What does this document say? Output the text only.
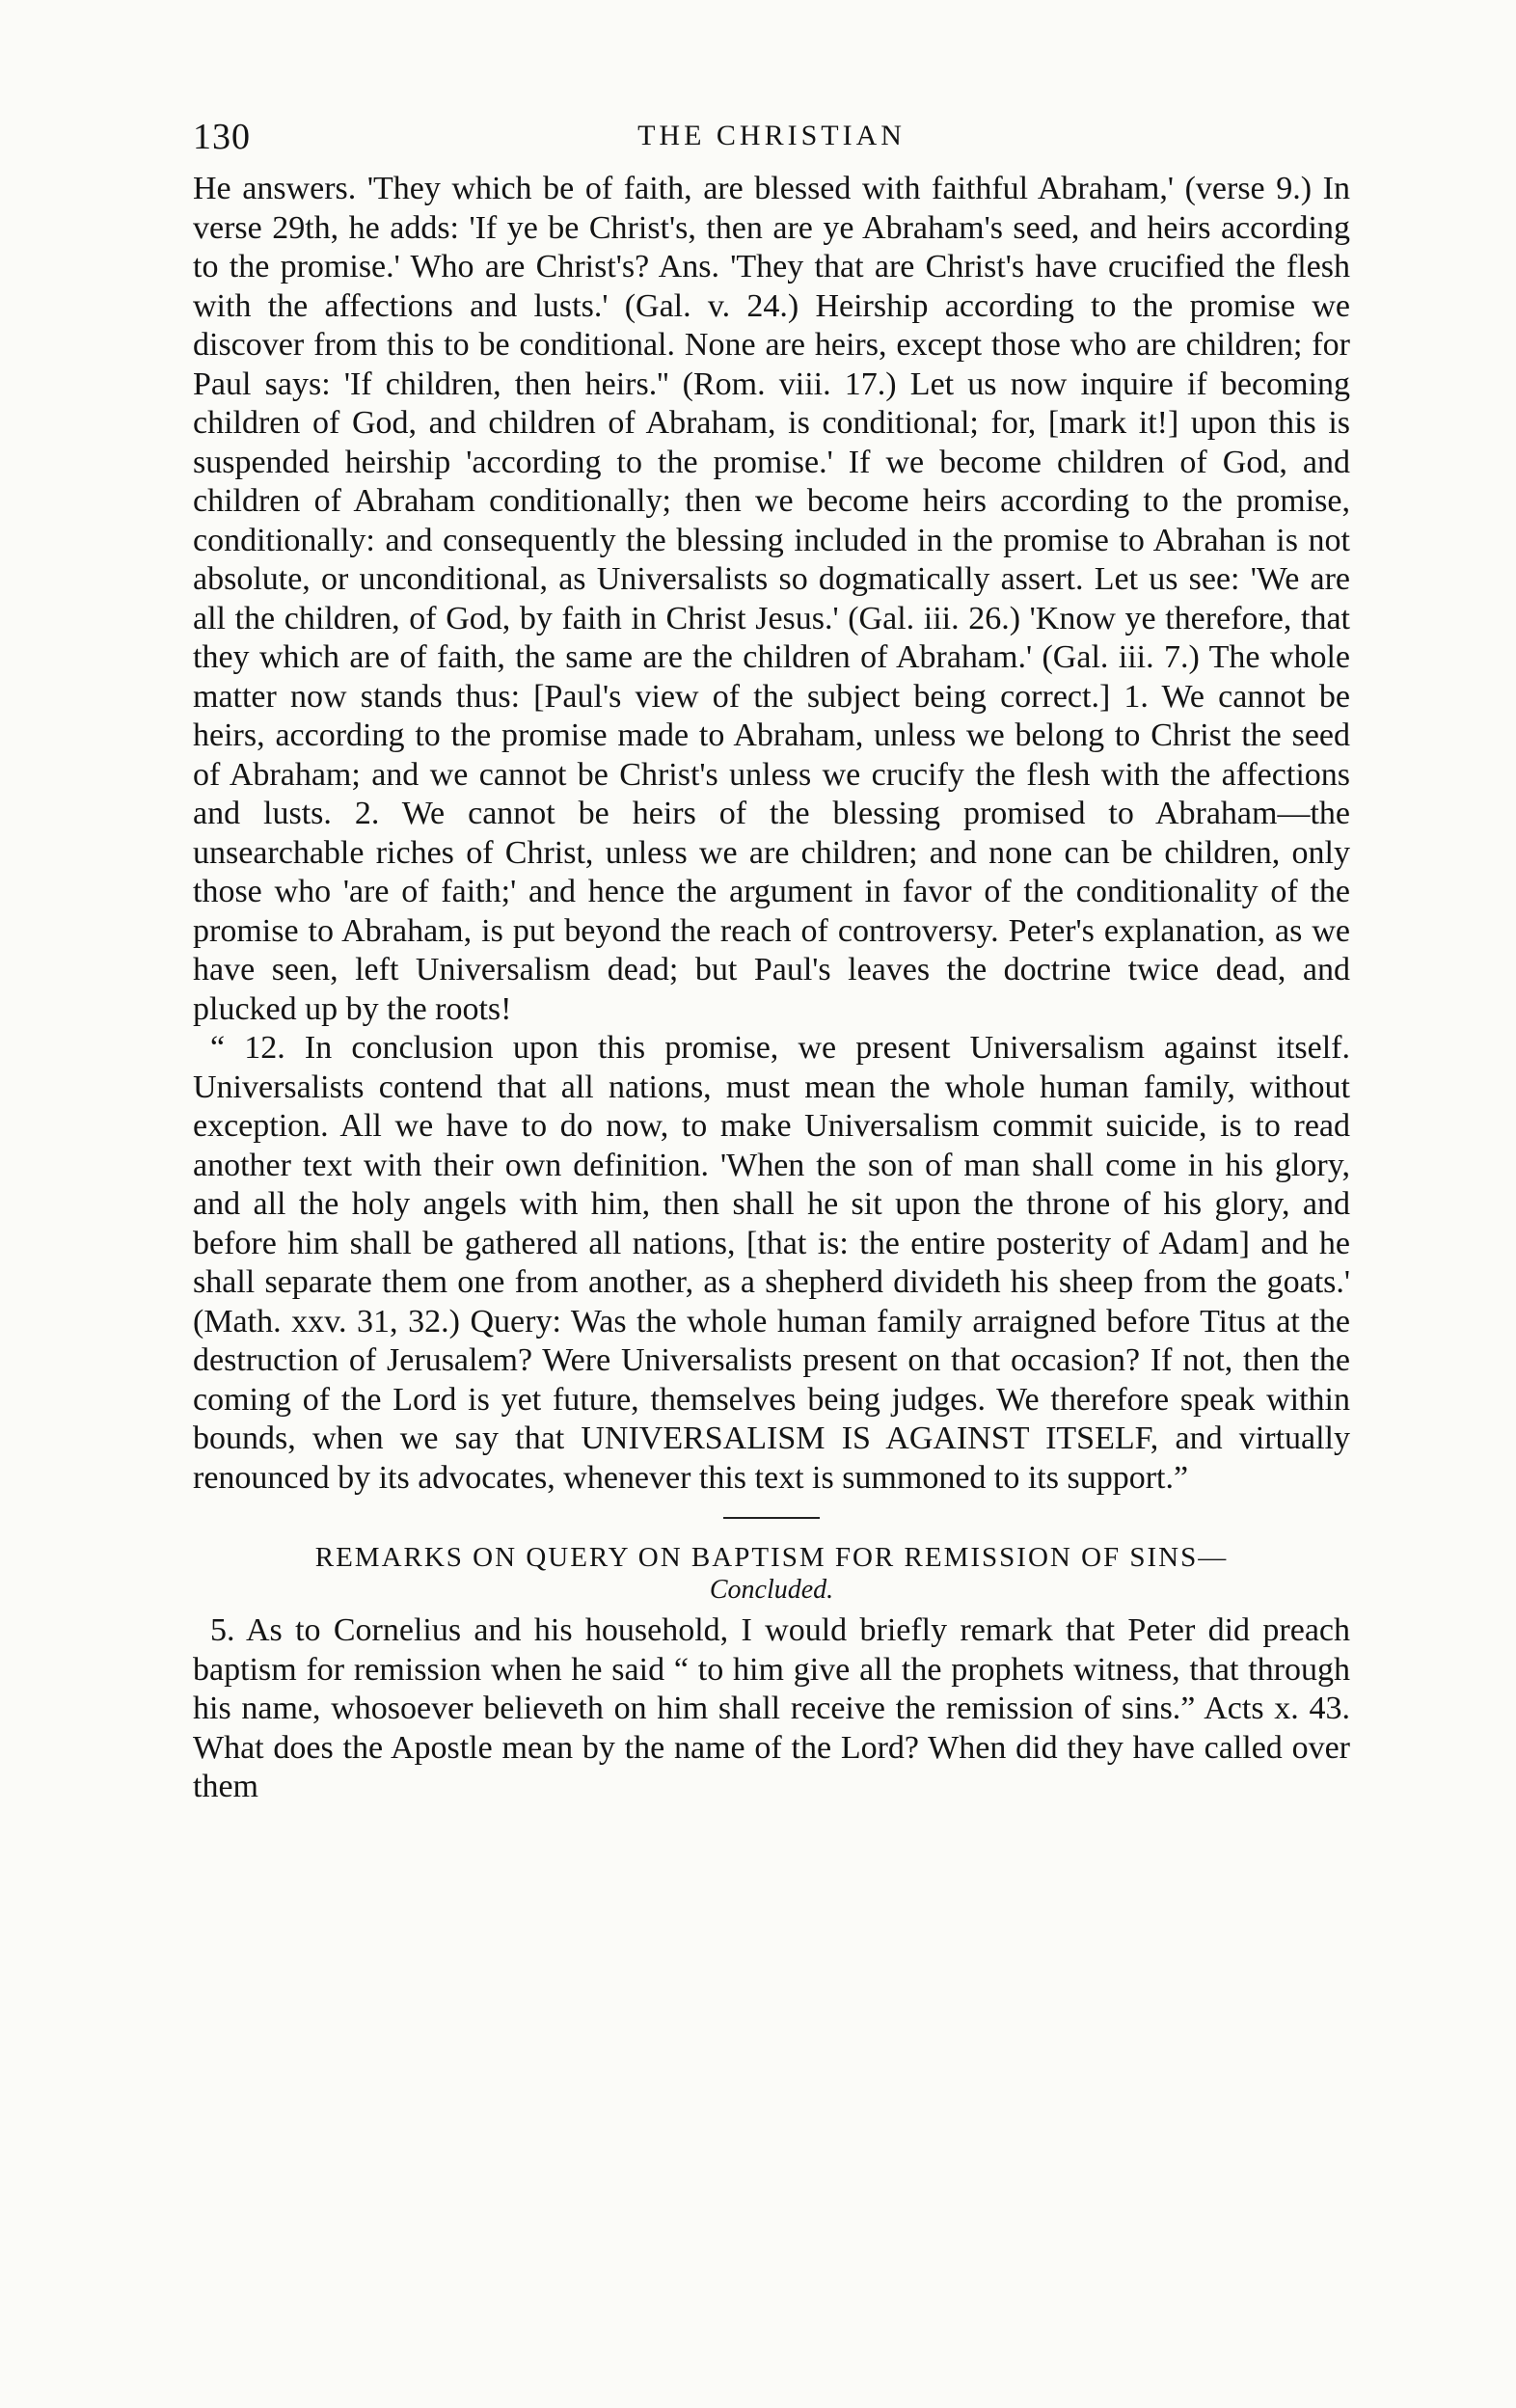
130	THE CHRISTIAN

He answers. 'They which be of faith, are blessed with faithful Abraham,' (verse 9.) In verse 29th, he adds: 'If ye be Christ's, then are ye Abraham's seed, and heirs according to the promise.' Who are Christ's? Ans. 'They that are Christ's have crucified the flesh with the affections and lusts.' (Gal. v. 24.) Heirship according to the promise we discover from this to be conditional. None are heirs, except those who are children; for Paul says: 'If children, then heirs.'' (Rom. viii. 17.) Let us now inquire if becoming children of God, and children of Abraham, is conditional; for, [mark it!] upon this is suspended heirship 'according to the promise.' If we become children of God, and children of Abraham conditionally; then we become heirs according to the promise, conditionally: and consequently the blessing included in the promise to Abrahan is not absolute, or unconditional, as Universalists so dogmatically assert. Let us see: 'We are all the children, of God, by faith in Christ Jesus.' (Gal. iii. 26.) 'Know ye therefore, that they which are of faith, the same are the children of Abraham.' (Gal. iii. 7.) The whole matter now stands thus: [Paul's view of the subject being correct.] 1. We cannot be heirs, according to the promise made to Abraham, unless we belong to Christ the seed of Abraham; and we cannot be Christ's unless we crucify the flesh with the affections and lusts. 2. We cannot be heirs of the blessing promised to Abraham—the unsearchable riches of Christ, unless we are children; and none can be children, only those who 'are of faith;' and hence the argument in favor of the conditionality of the promise to Abraham, is put beyond the reach of controversy. Peter's explanation, as we have seen, left Universalism dead; but Paul's leaves the doctrine twice dead, and plucked up by the roots!

“ 12. In conclusion upon this promise, we present Universalism against itself. Universalists contend that all nations, must mean the whole human family, without exception. All we have to do now, to make Universalism commit suicide, is to read another text with their own definition. 'When the son of man shall come in his glory, and all the holy angels with him, then shall he sit upon the throne of his glory, and before him shall be gathered all nations, [that is: the entire posterity of Adam] and he shall separate them one from another, as a shepherd divideth his sheep from the goats.' (Math. xxv. 31, 32.) Query: Was the whole human family arraigned before Titus at the destruction of Jerusalem? Were Universalists present on that occasion? If not, then the coming of the Lord is yet future, themselves being judges. We therefore speak within bounds, when we say that UNIVERSALISM IS AGAINST ITSELF, and virtually renounced by its advocates, whenever this text is summoned to its support.”

REMARKS ON QUERY ON BAPTISM FOR REMISSION OF SINS—

Concluded.

5. As to Cornelius and his household, I would briefly remark that Peter did preach baptism for remission when he said “ to him give all the prophets witness, that through his name, whosoever believeth on him shall receive the remission of sins.” Acts x. 43. What does the Apostle mean by the name of the Lord? When did they have called over them
